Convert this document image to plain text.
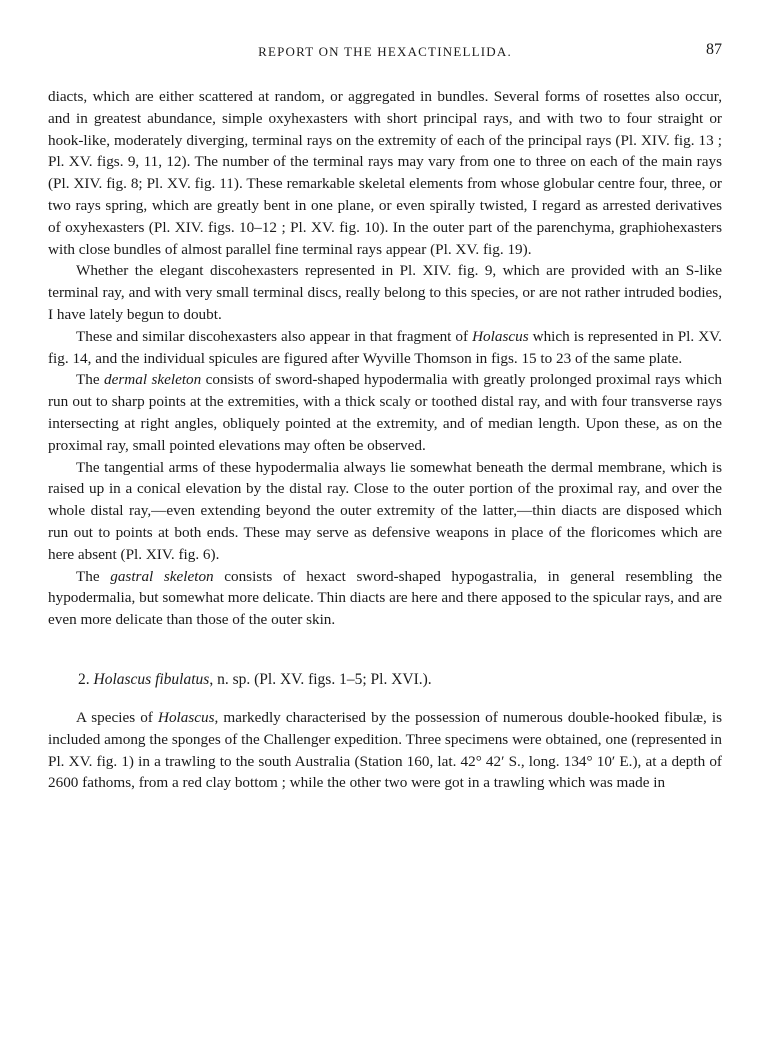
REPORT ON THE HEXACTINELLIDA.	87

diacts, which are either scattered at random, or aggregated in bundles. Several forms of rosettes also occur, and in greatest abundance, simple oxyhexasters with short principal rays, and with two to four straight or hook-like, moderately diverging, terminal rays on the extremity of each of the principal rays (Pl. XIV. fig. 13 ; Pl. XV. figs. 9, 11, 12). The number of the terminal rays may vary from one to three on each of the main rays (Pl. XIV. fig. 8; Pl. XV. fig. 11). These remarkable skeletal elements from whose globular centre four, three, or two rays spring, which are greatly bent in one plane, or even spirally twisted, I regard as arrested derivatives of oxyhexasters (Pl. XIV. figs. 10–12 ; Pl. XV. fig. 10). In the outer part of the parenchyma, graphiohexasters with close bundles of almost parallel fine terminal rays appear (Pl. XV. fig. 19).

Whether the elegant discohexasters represented in Pl. XIV. fig. 9, which are provided with an S-like terminal ray, and with very small terminal discs, really belong to this species, or are not rather intruded bodies, I have lately begun to doubt.

These and similar discohexasters also appear in that fragment of Holascus which is represented in Pl. XV. fig. 14, and the individual spicules are figured after Wyville Thomson in figs. 15 to 23 of the same plate.

The dermal skeleton consists of sword-shaped hypodermalia with greatly prolonged proximal rays which run out to sharp points at the extremities, with a thick scaly or toothed distal ray, and with four transverse rays intersecting at right angles, obliquely pointed at the extremity, and of median length. Upon these, as on the proximal ray, small pointed elevations may often be observed.

The tangential arms of these hypodermalia always lie somewhat beneath the dermal membrane, which is raised up in a conical elevation by the distal ray. Close to the outer portion of the proximal ray, and over the whole distal ray,—even extending beyond the outer extremity of the latter,—thin diacts are disposed which run out to points at both ends. These may serve as defensive weapons in place of the floricomes which are here absent (Pl. XIV. fig. 6).

The gastral skeleton consists of hexact sword-shaped hypogastralia, in general resembling the hypodermalia, but somewhat more delicate. Thin diacts are here and there apposed to the spicular rays, and are even more delicate than those of the outer skin.

2. Holascus fibulatus, n. sp. (Pl. XV. figs. 1–5; Pl. XVI.).

A species of Holascus, markedly characterised by the possession of numerous double-hooked fibulæ, is included among the sponges of the Challenger expedition. Three specimens were obtained, one (represented in Pl. XV. fig. 1) in a trawling to the south Australia (Station 160, lat. 42° 42′ S., long. 134° 10′ E.), at a depth of 2600 fathoms, from a red clay bottom ; while the other two were got in a trawling which was made in
